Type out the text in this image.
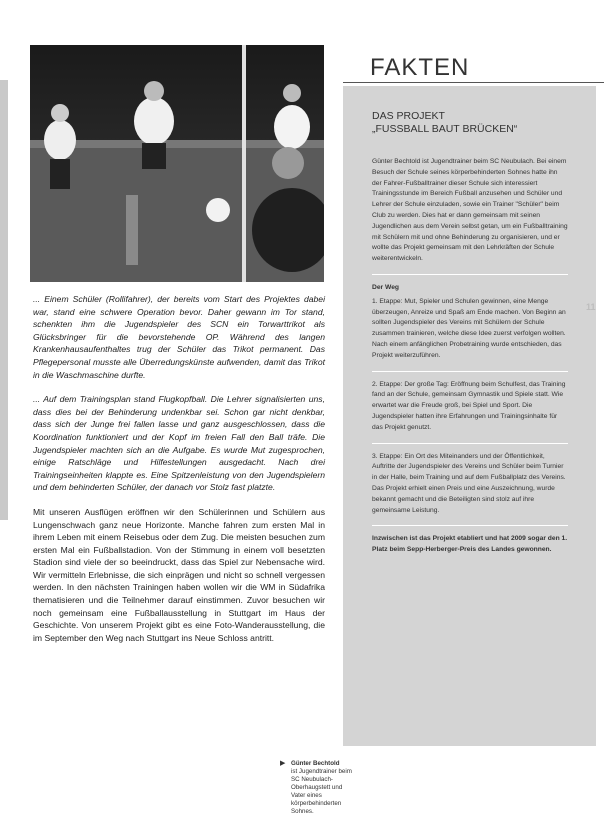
... Einem Schüler (Rollifahrer), der bereits vom Start des Projektes dabei war, stand eine schwere Operation bevor. Daher gewann im Tor stand, schenkten ihm die Jugendspieler des SCN ein Torwarttrikot als Glücksbringer für die bevorstehende OP. Während des langen Krankenhausaufenthaltes trug der Schüler das Trikot permanent. Das Pflegepersonal musste alle Überredungskünste aufwenden, damit das Trikot in die Waschmaschine durfte.

... Auf dem Trainingsplan stand Flugkopfball. Die Lehrer signalisierten uns, dass dies bei der Behinderung undenkbar sei. Schon gar nicht denkbar, dass sich der Junge frei fallen lasse und ganz ausgeschlossen, dass die Koordination funktioniert und der Kopf im freien Fall den Ball träfe. Die Jugendspieler machten sich an die Aufgabe. Es wurde Mut zugesprochen, einige Ratschläge und Hilfestellungen ausgedacht. Nach drei Trainingseinheiten klappte es. Eine Spitzenleistung von den Jugendspielern und dem behinderten Schüler, der danach vor Stolz fast platzte.

Mit unseren Ausflügen eröffnen wir den Schülerinnen und Schülern aus Lungenschwach ganz neue Horizonte. Manche fahren zum ersten Mal in ihrem Leben mit einem Reisebus oder dem Zug. Die meisten besuchen zum ersten Mal ein Fußballstadion. Von der Stimmung in einem voll besetzten Stadion sind viele der so beeindruckt, dass das Spiel zur Nebensache wird. Wir vermitteln Erlebnisse, die sich einprägen und nicht so schnell vergessen werden. In den nächsten Trainingen haben wollen wir die WM in Südafrika thematisieren und die Teilnehmer darauf einstimmen. Zuvor besuchen wir noch gemeinsam eine Fußballausstellung in Stuttgart im Haus der Geschichte. Von unserem Projekt gibt es eine Foto-Wanderausstellung, die im September den Weg nach Stuttgart ins Neue Schloss antritt.

▶ Günter Bechtold
ist Jugendtrainer beim SC Neubulach-Oberhaugstett und Vater eines körperbehinderten Sohnes.
FAKTEN
DAS PROJEKT
„FUSSBALL BAUT BRÜCKEN“

Günter Bechtold ist Jugendtrainer beim SC Neubulach. Bei einem Besuch der Schule seines körperbehinderten Sohnes hatte ihn der Fahrer-Fußballtrainer dieser Schule sich interessiert Trainingsstunde im Bereich Fußball anzusehen und Schüler und Lehrer der Schule einzuladen, sowie ein Trainer "Schüler" beim Club zu werden. Dies hat er dann gemeinsam mit seinen Jugendlichen aus dem Verein selbst getan, um ein Fußballtraining mit Schülern mit und ohne Behinderung zu organisieren, und er wollte das Projekt gemeinsam mit den Lehrkräften der Schule weiterentwickeln.

Der Weg

1. Etappe: Mut, Spieler und Schulen gewinnen, eine Menge überzeugen, Anreize und Spaß am Ende machen. Von Beginn an sollten Jugendspieler des Vereins mit Schülern der Schule zusammen trainieren, welche diese Idee zuerst verfolgen wollten. Nach einem anfänglichen Probetraining wurde entschieden, das Projekt weiterzuführen.

2. Etappe: Der große Tag: Eröffnung beim Schulfest, das Training fand an der Schule, gemeinsam Gymnastik und Spiele statt. Wie erwartet war die Freude groß, bei Spiel und Sport. Die Jugendspieler hatten ihre Erfahrungen und Trainingsinhalte für das Projekt genutzt.

3. Etappe: Ein Ort des Miteinanders und der Öffentlichkeit, Auftritte der Jugendspieler des Vereins und Schüler beim Turnier in der Halle, beim Training und auf dem Fußballplatz des Vereins. Das Projekt erhielt einen Preis und eine Auszeichnung, wurde bekannt gemacht und die Beteiligten sind stolz auf ihre gemeinsame Leistung.

Inzwischen ist das Projekt etabliert und hat 2009 sogar den 1. Platz beim Sepp-Herberger-Preis des Landes gewonnen.

11
